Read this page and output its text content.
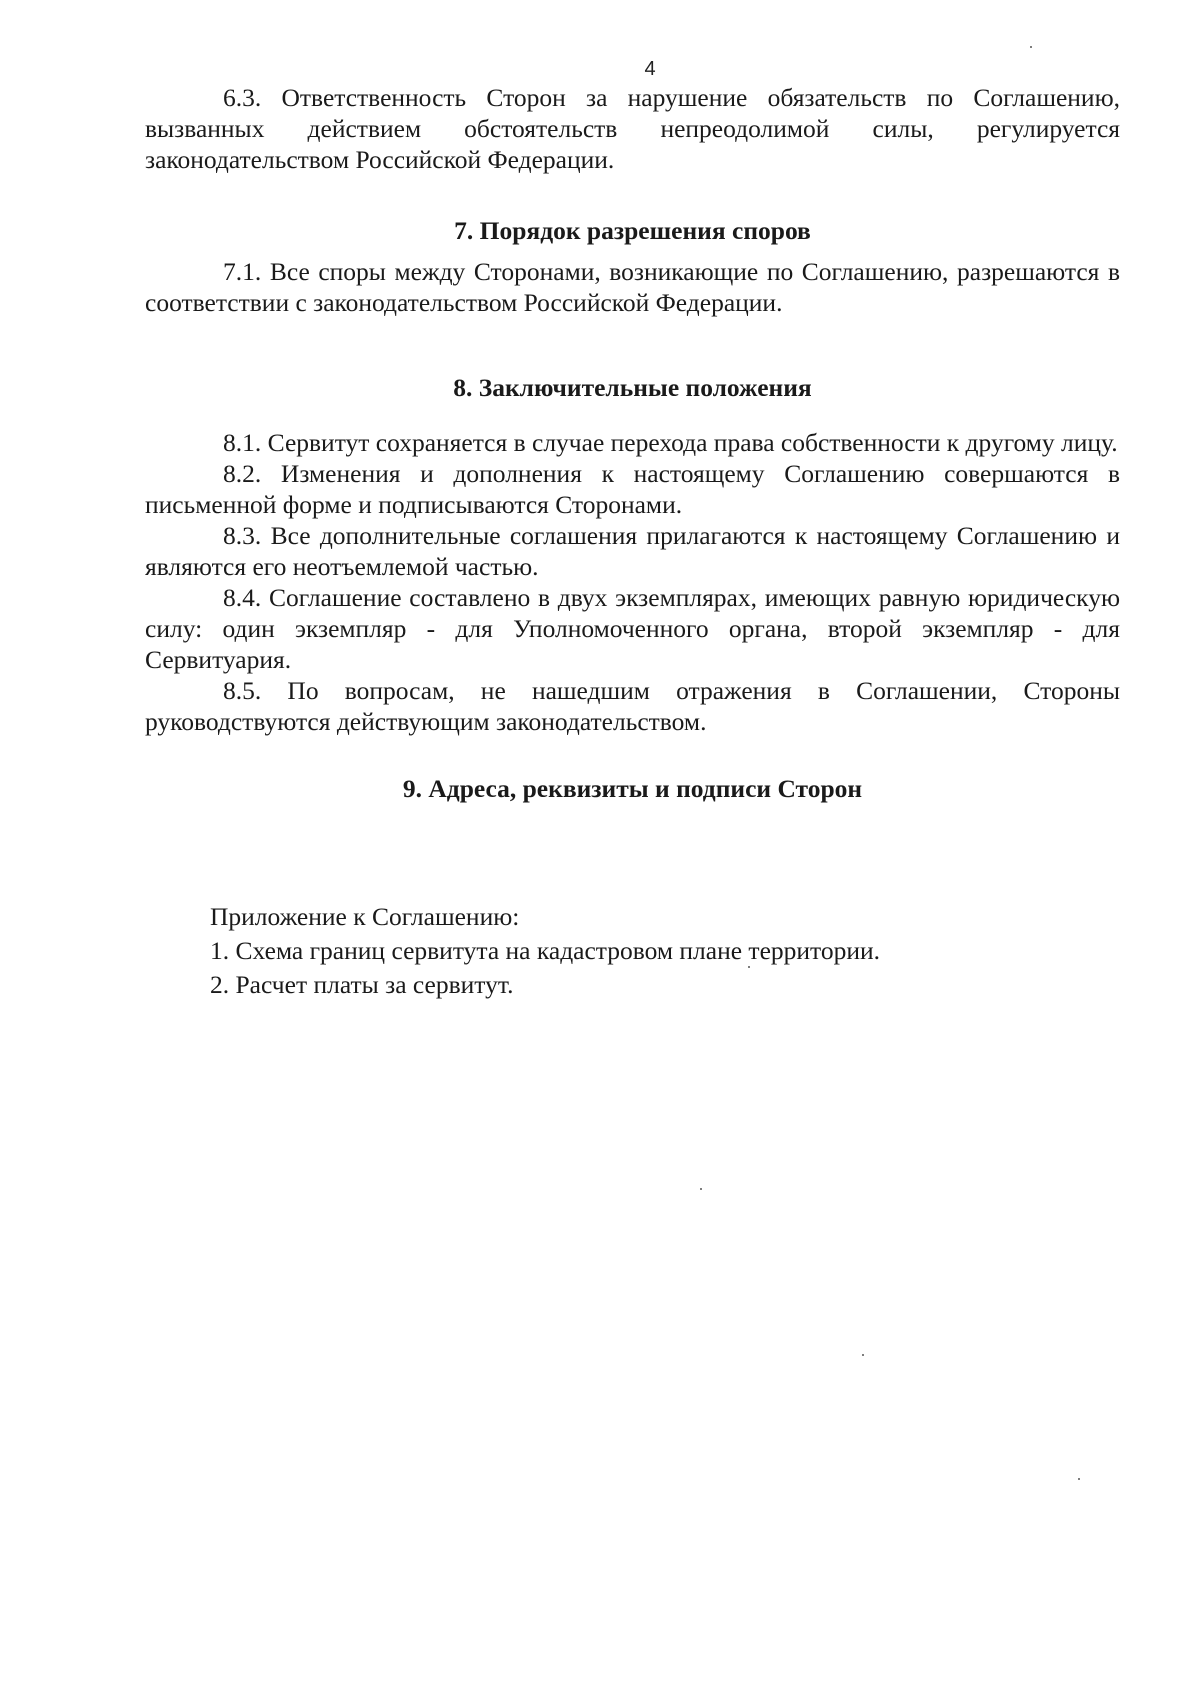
4

6.3. Ответственность Сторон за нарушение обязательств по Соглашению, вызванных действием обстоятельств непреодолимой силы, регулируется законодательством Российской Федерации.

7. Порядок разрешения споров

7.1. Все споры между Сторонами, возникающие по Соглашению, разрешаются в соответствии с законодательством Российской Федерации.

8. Заключительные положения

8.1. Сервитут сохраняется в случае перехода права собственности к другому лицу.

8.2. Изменения и дополнения к настоящему Соглашению совершаются в письменной форме и подписываются Сторонами.

8.3. Все дополнительные соглашения прилагаются к настоящему Соглашению и являются его неотъемлемой частью.

8.4. Соглашение составлено в двух экземплярах, имеющих равную юридическую силу: один экземпляр - для Уполномоченного органа, второй экземпляр - для Сервитуария.

8.5. По вопросам, не нашедшим отражения в Соглашении, Стороны руководствуются действующим законодательством.

9. Адреса, реквизиты и подписи Сторон

Приложение к Соглашению:
1. Схема границ сервитута на кадастровом плане территории.
2. Расчет платы за сервитут.
